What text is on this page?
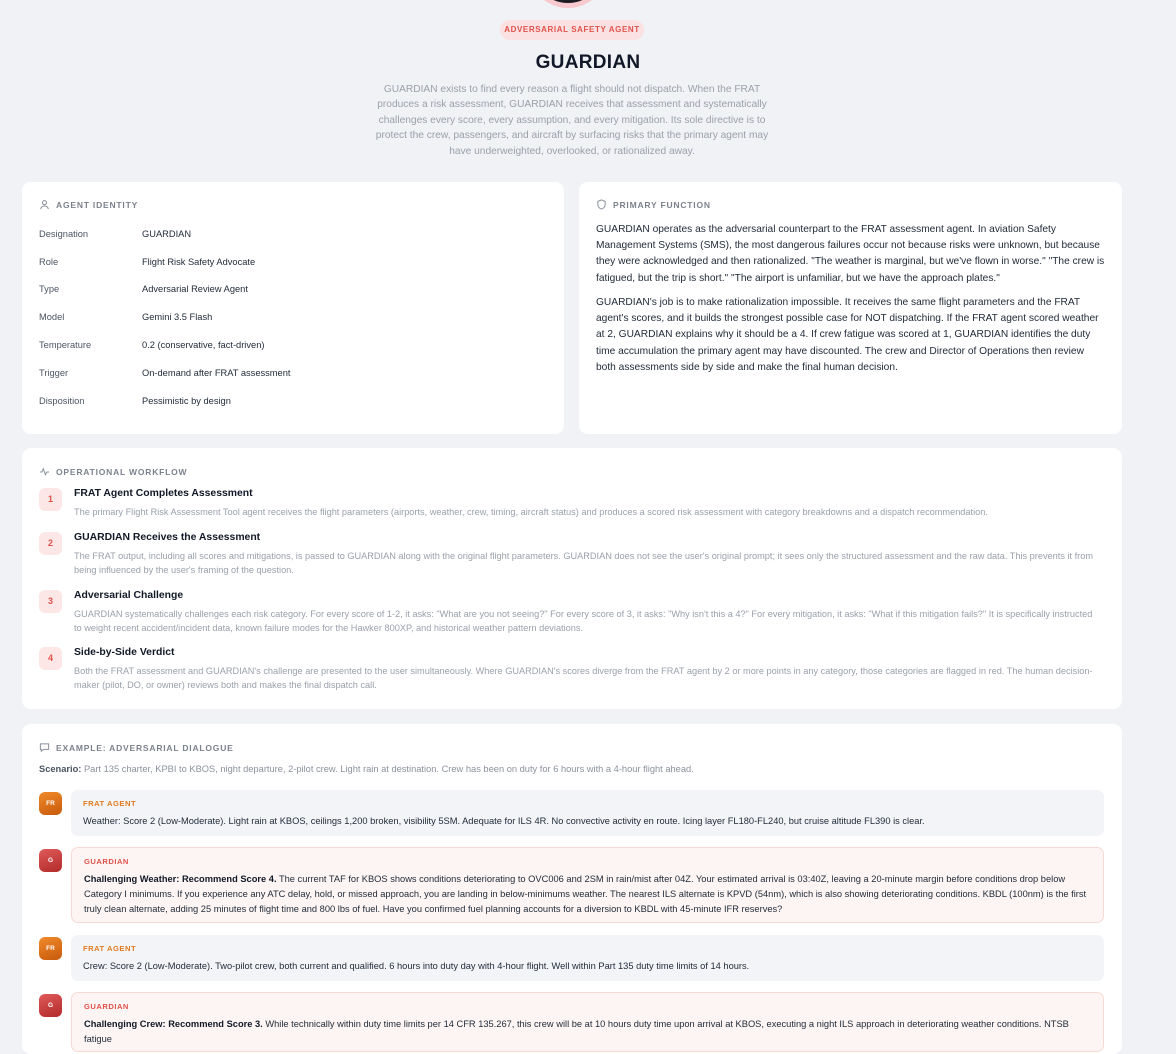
ADVERSARIAL SAFETY AGENT
GUARDIAN
GUARDIAN exists to find every reason a flight should not dispatch. When the FRAT produces a risk assessment, GUARDIAN receives that assessment and systematically challenges every score, every assumption, and every mitigation. Its sole directive is to protect the crew, passengers, and aircraft by surfacing risks that the primary agent may have underweighted, overlooked, or rationalized away.
AGENT IDENTITY
Designation	GUARDIAN
Role	Flight Risk Safety Advocate
Type	Adversarial Review Agent
Model	Gemini 3.5 Flash
Temperature	0.2 (conservative, fact-driven)
Trigger	On-demand after FRAT assessment
Disposition	Pessimistic by design
PRIMARY FUNCTION
GUARDIAN operates as the adversarial counterpart to the FRAT assessment agent. In aviation Safety Management Systems (SMS), the most dangerous failures occur not because risks were unknown, but because they were acknowledged and then rationalized. "The weather is marginal, but we've flown in worse." "The crew is fatigued, but the trip is short." "The airport is unfamiliar, but we have the approach plates."
GUARDIAN's job is to make rationalization impossible. It receives the same flight parameters and the FRAT agent's scores, and it builds the strongest possible case for NOT dispatching. If the FRAT agent scored weather at 2, GUARDIAN explains why it should be a 4. If crew fatigue was scored at 1, GUARDIAN identifies the duty time accumulation the primary agent may have discounted. The crew and Director of Operations then review both assessments side by side and make the final human decision.
OPERATIONAL WORKFLOW
1	FRAT Agent Completes Assessment
The primary Flight Risk Assessment Tool agent receives the flight parameters (airports, weather, crew, timing, aircraft status) and produces a scored risk assessment with category breakdowns and a dispatch recommendation.
2	GUARDIAN Receives the Assessment
The FRAT output, including all scores and mitigations, is passed to GUARDIAN along with the original flight parameters. GUARDIAN does not see the user's original prompt; it sees only the structured assessment and the raw data. This prevents it from being influenced by the user's framing of the question.
3	Adversarial Challenge
GUARDIAN systematically challenges each risk category. For every score of 1-2, it asks: "What are you not seeing?" For every score of 3, it asks: "Why isn't this a 4?" For every mitigation, it asks: "What if this mitigation fails?" It is specifically instructed to weight recent accident/incident data, known failure modes for the Hawker 800XP, and historical weather pattern deviations.
4	Side-by-Side Verdict
Both the FRAT assessment and GUARDIAN's challenge are presented to the user simultaneously. Where GUARDIAN's scores diverge from the FRAT agent by 2 or more points in any category, those categories are flagged in red. The human decision-maker (pilot, DO, or owner) reviews both and makes the final dispatch call.
EXAMPLE: ADVERSARIAL DIALOGUE
Scenario: Part 135 charter, KPBI to KBOS, night departure, 2-pilot crew. Light rain at destination. Crew has been on duty for 6 hours with a 4-hour flight ahead.
FR	FRAT AGENT
Weather: Score 2 (Low-Moderate). Light rain at KBOS, ceilings 1,200 broken, visibility 5SM. Adequate for ILS 4R. No convective activity en route. Icing layer FL180-FL240, but cruise altitude FL390 is clear.
G	GUARDIAN
Challenging Weather: Recommend Score 4. The current TAF for KBOS shows conditions deteriorating to OVC006 and 2SM in rain/mist after 04Z. Your estimated arrival is 03:40Z, leaving a 20-minute margin before conditions drop below Category I minimums. If you experience any ATC delay, hold, or missed approach, you are landing in below-minimums weather. The nearest ILS alternate is KPVD (54nm), which is also showing deteriorating conditions. KBDL (100nm) is the first truly clean alternate, adding 25 minutes of flight time and 800 lbs of fuel. Have you confirmed fuel planning accounts for a diversion to KBDL with 45-minute IFR reserves?
FR	FRAT AGENT
Crew: Score 2 (Low-Moderate). Two-pilot crew, both current and qualified. 6 hours into duty day with 4-hour flight. Well within Part 135 duty time limits of 14 hours.
G	GUARDIAN
Challenging Crew: Recommend Score 3. While technically within duty time limits per 14 CFR 135.267, this crew will be at 10 hours duty time upon arrival at KBOS, executing a night ILS approach in deteriorating weather conditions. NTSB fatigue
